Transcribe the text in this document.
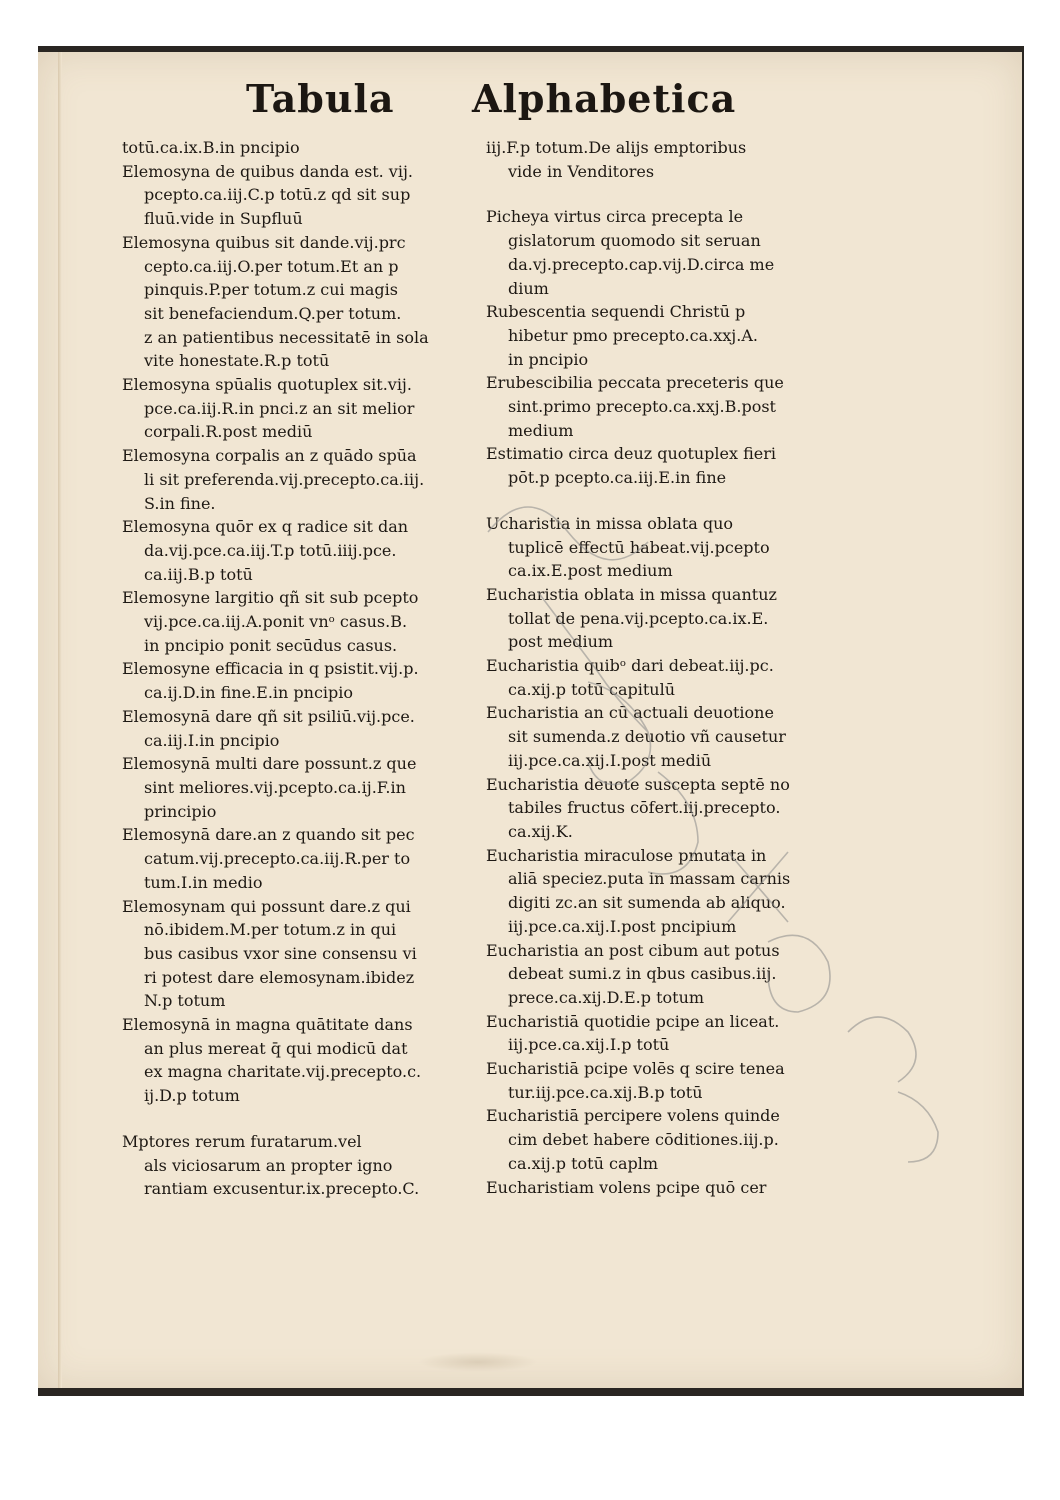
Tabula Alphabetica
totū.ca.ix.B.in pncipio
Elemosyna de quibus danda est. vij.
pcepto.ca.iij.C.p totū.z qd sit sup
fluū.vide in Supfluū
Elemosyna quibus sit dande.vij.prc
cepto.ca.iij.O.per totum.Et an p
pinquis.P.per totum.z cui magis
sit benefaciendum.Q.per totum.
z an patientibus necessitatē in sola
vite honestate.R.p totū
Elemosyna spūalis quotuplex sit.vij.
pce.ca.iij.R.in pnci.z an sit melior
corpali.R.post mediū
Elemosyna corpalis an z quādo spūa
li sit preferenda.vij.precepto.ca.iij.
S.in fine.
Elemosyna quōr ex q radice sit dan
da.vij.pce.ca.iij.T.p totū.iiij.pce.
ca.iij.B.p totū
Elemosyne largitio qñ sit sub pcepto
vij.pce.ca.iij.A.ponit vnᵒ casus.B.
in pncipio ponit secūdus casus.
Elemosyne efficacia in q psistit.vij.p.
ca.ij.D.in fine.E.in pncipio
Elemosynā dare qñ sit psiliū.vij.pce.
ca.iij.I.in pncipio
Elemosynā multi dare possunt.z que
sint meliores.vij.pcepto.ca.ij.F.in
principio
Elemosynā dare.an z quando sit pec
catum.vij.precepto.ca.iij.R.per to
tum.I.in medio
Elemosynam qui possunt dare.z qui
nō.ibidem.M.per totum.z in qui
bus casibus vxor sine consensu vi
ri potest dare elemosynam.ibidez
N.p totum
Elemosynā in magna quātitate dans
an plus mereat q̄ qui modicū dat
ex magna charitate.vij.precepto.c.
ij.D.p totum
Mptores rerum furatarum.vel
als viciosarum an propter igno
rantiam excusentur.ix.precepto.C.
iij.F.p totum.De alijs emptoribus
vide in Venditores
Picheya virtus circa precepta le
gislatorum quomodo sit seruan
da.vj.precepto.cap.vij.D.circa me
dium
Rubescentia sequendi Christū p
hibetur pmo precepto.ca.xxj.A.
in pncipio
Erubescibilia peccata preceteris que
sint.primo precepto.ca.xxj.B.post
medium
Estimatio circa deuz quotuplex fieri
pōt.p pcepto.ca.iij.E.in fine
Ucharistia in missa oblata quo
tuplicē effectū habeat.vij.pcepto
ca.ix.E.post medium
Eucharistia oblata in missa quantuz
tollat de pena.vij.pcepto.ca.ix.E.
post medium
Eucharistia quibᵒ dari debeat.iij.pc.
ca.xij.p totū capitulū
Eucharistia an cū actuali deuotione
sit sumenda.z deuotio vñ causetur
iij.pce.ca.xij.I.post mediū
Eucharistia deuote suscepta septē no
tabiles fructus cōfert.iij.precepto.
ca.xij.K.
Eucharistia miraculose pmutata in
aliā speciez.puta in massam carnis
digiti zc.an sit sumenda ab aliquo.
iij.pce.ca.xij.I.post pncipium
Eucharistia an post cibum aut potus
debeat sumi.z in qbus casibus.iij.
prece.ca.xij.D.E.p totum
Eucharistiā quotidie pcipe an liceat.
iij.pce.ca.xij.I.p totū
Eucharistiā pcipe volēs q scire tenea
tur.iij.pce.ca.xij.B.p totū
Eucharistiā percipere volens quinde
cim debet habere cōditiones.iij.p.
ca.xij.p totū caplm
Eucharistiam volens pcipe quō cer
